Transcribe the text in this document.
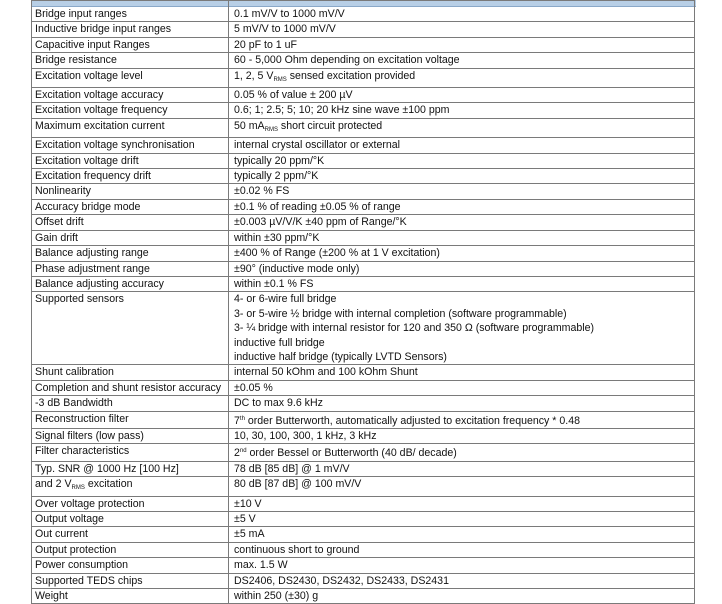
Bridge input ranges	0.1 mV/V to 1000 mV/V
Inductive bridge input ranges	5 mV/V to 1000 mV/V
Capacitive input Ranges	20 pF to 1 uF
Bridge resistance	60 - 5,000 Ohm depending on excitation voltage
Excitation voltage level	1, 2, 5 $V_{RMS}$ sensed excitation provided
Excitation voltage accuracy	0.05 % of value ± 200 µV
Excitation voltage frequency	0.6; 1; 2.5; 5; 10; 20 kHz sine wave ±100 ppm
Maximum excitation current	50 $mA_{RMS}$ short circuit protected
Excitation voltage synchronisation	internal crystal oscillator or external
Excitation voltage drift	typically 20 ppm/°K
Excitation frequency drift	typically 2 ppm/°K
Nonlinearity	±0.02 % FS
Accuracy bridge mode	±0.1 % of reading ±0.05 % of range
Offset drift	±0.003 µV/V/K ±40 ppm of Range/°K
Gain drift	within ±30 ppm/°K
Balance adjusting range	±400 % of Range (±200 % at 1 V excitation)
Phase adjustment range	±90° (inductive mode only)
Balance adjusting accuracy	within ±0.1 % FS
Supported sensors	4- or 6-wire full bridge
3- or 5-wire ½ bridge with internal completion (software programmable)
3- ¼ bridge with internal resistor for 120 and 350 Ω (software programmable)
inductive full bridge
inductive half bridge (typically LVTD Sensors)

Shunt calibration	internal 50 kOhm and 100 kOhm Shunt
Completion and shunt resistor accuracy	±0.05 %
-3 dB Bandwidth	DC to max 9.6 kHz
Reconstruction filter	7th order Butterworth, automatically adjusted to excitation frequency * 0.48
Signal filters (low pass)	10, 30, 100, 300, 1 kHz, 3 kHz
Filter characteristics	2nd order Bessel or Butterworth (40 dB/ decade)
Typ. SNR @ 1000 Hz [100 Hz]	78 dB [85 dB] @ 1 mV/V
and 2 $V_{RMS}$ excitation	80 dB [87 dB] @ 100 mV/V
Over voltage protection	±10 V
Output voltage	±5 V
Out current	±5 mA
Output protection	continuous short to ground
Power consumption	max. 1.5 W
Supported TEDS chips	DS2406, DS2430, DS2432, DS2433, DS2431
Weight	within 250 (±30) g
